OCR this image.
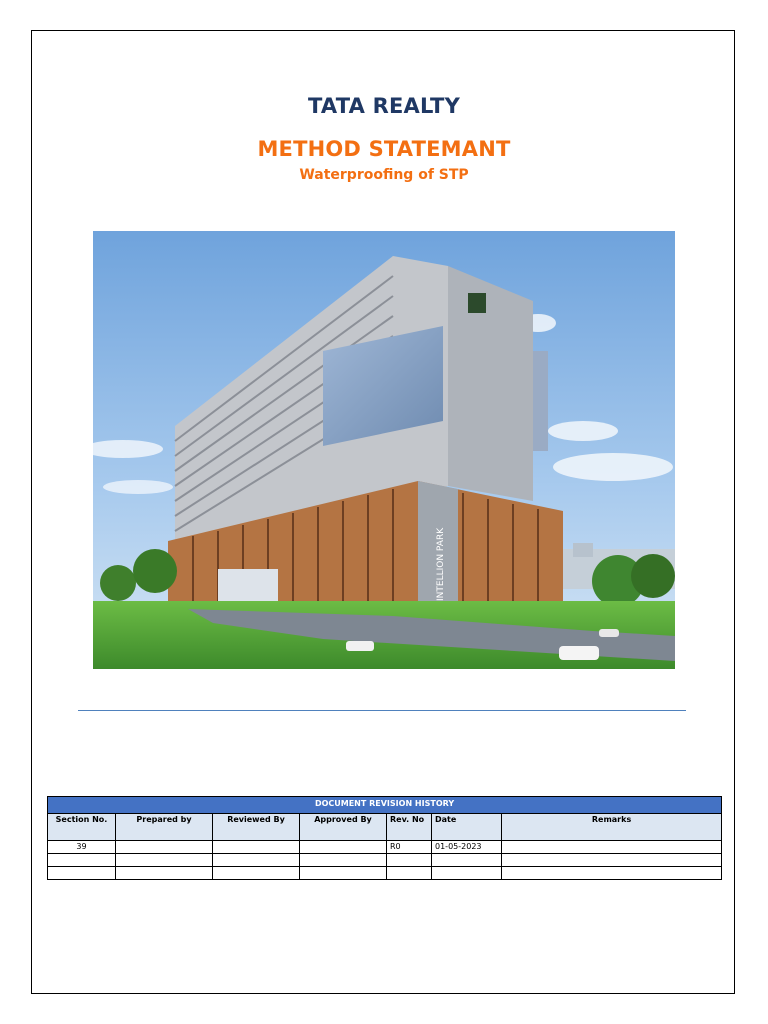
TATA REALTY
METHOD STATEMANT
Waterproofing of STP
INTELLION PARK
DOCUMENT REVISION HISTORY						
Section No.	Prepared by	Reviewed By	Approved By	Rev. No	Date	Remarks
39				R0	01-05-2023	
